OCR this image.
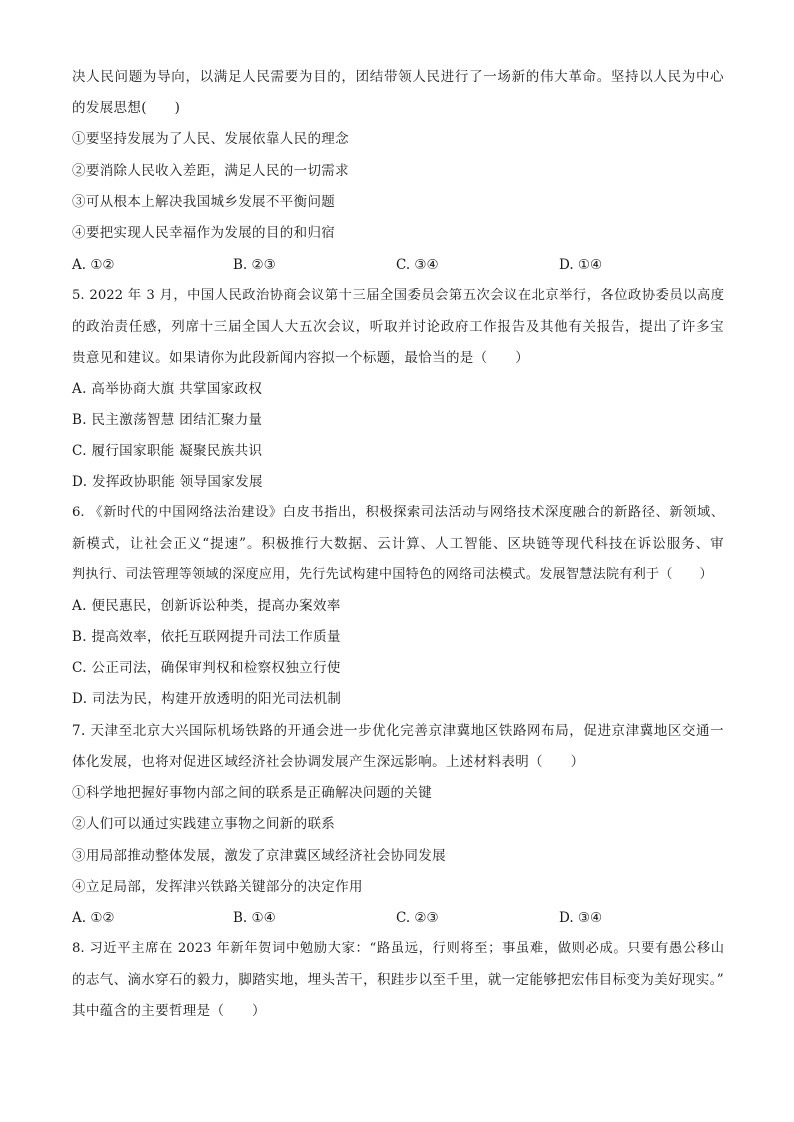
决人民问题为导向，以满足人民需要为目的，团结带领人民进行了一场新的伟大革命。坚持以人民为中心
的发展思想(　　)
①要坚持发展为了人民、发展依靠人民的理念
②要消除人民收入差距，满足人民的一切需求
③可从根本上解决我国城乡发展不平衡问题
④要把实现人民幸福作为发展的目的和归宿
A. ①②	B. ②③	C. ③④	D. ①④
5. 2022 年 3 月，中国人民政治协商会议第十三届全国委员会第五次会议在北京举行，各位政协委员以高度
的政治责任感，列席十三届全国人大五次会议，听取并讨论政府工作报告及其他有关报告，提出了许多宝
贵意见和建议。如果请你为此段新闻内容拟一个标题，最恰当的是（　　）
A. 高举协商大旗 共掌国家政权
B. 民主激荡智慧 团结汇聚力量
C. 履行国家职能 凝聚民族共识
D. 发挥政协职能 领导国家发展
6. 《新时代的中国网络法治建设》白皮书指出，积极探索司法活动与网络技术深度融合的新路径、新领域、
新模式，让社会正义“提速”。积极推行大数据、云计算、人工智能、区块链等现代科技在诉讼服务、审
判执行、司法管理等领域的深度应用，先行先试构建中国特色的网络司法模式。发展智慧法院有利于（　　）
A. 便民惠民，创新诉讼种类，提高办案效率
B. 提高效率，依托互联网提升司法工作质量
C. 公正司法，确保审判权和检察权独立行使
D. 司法为民，构建开放透明的阳光司法机制
7. 天津至北京大兴国际机场铁路的开通会进一步优化完善京津冀地区铁路网布局，促进京津冀地区交通一
体化发展，也将对促进区域经济社会协调发展产生深远影响。上述材料表明（　　）
①科学地把握好事物内部之间的联系是正确解决问题的关键
②人们可以通过实践建立事物之间新的联系
③用局部推动整体发展，激发了京津冀区域经济社会协同发展
④立足局部，发挥津兴铁路关键部分的决定作用
A. ①②	B. ①④	C. ②③	D. ③④
8. 习近平主席在 2023 年新年贺词中勉励大家：“路虽远，行则将至；事虽难，做则必成。只要有愚公移山
的志气、滴水穿石的毅力，脚踏实地，埋头苦干，积跬步以至千里，就一定能够把宏伟目标变为美好现实。”
其中蕴含的主要哲理是（　　）
